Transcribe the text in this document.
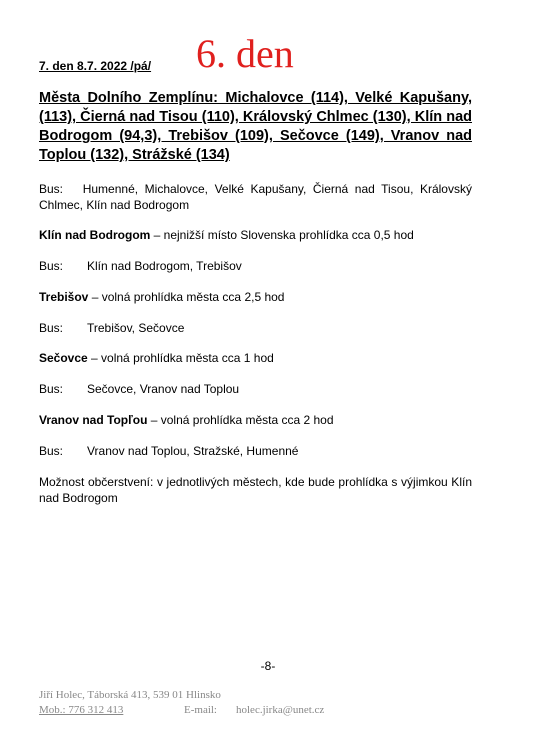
7. den 8.7. 2022 /pá/ 6. den
Města Dolního Zemplínu: Michalovce (114), Velké Kapušany, (113), Čierná nad Tisou (110), Královský Chlmec (130), Klín nad Bodrogom (94,3), Trebišov (109), Sečovce (149), Vranov nad Toplou (132), Strážské (134)
Bus: Humenné, Michalovce, Velké Kapušany, Čierná nad Tisou, Královský Chlmec, Klín nad Bodrogom
Klín nad Bodrogom – nejnižší místo Slovenska prohlídka cca 0,5 hod
Bus: Klín nad Bodrogom, Trebišov
Trebišov – volná prohlídka města cca 2,5 hod
Bus: Trebišov, Sečovce
Sečovce – volná prohlídka města cca 1 hod
Bus: Sečovce, Vranov nad Toplou
Vranov nad Topľou – volná prohlídka města cca 2 hod
Bus: Vranov nad Toplou, Stražské, Humenné
Možnost občerstvení: v jednotlivých městech, kde bude prohlídka s výjimkou Klín nad Bodrogom
-8-
Jiří Holec, Táborská 413, 539 01 Hlinsko
Mob.: 776 312 413	E-mail: holec.jirka@unet.cz
